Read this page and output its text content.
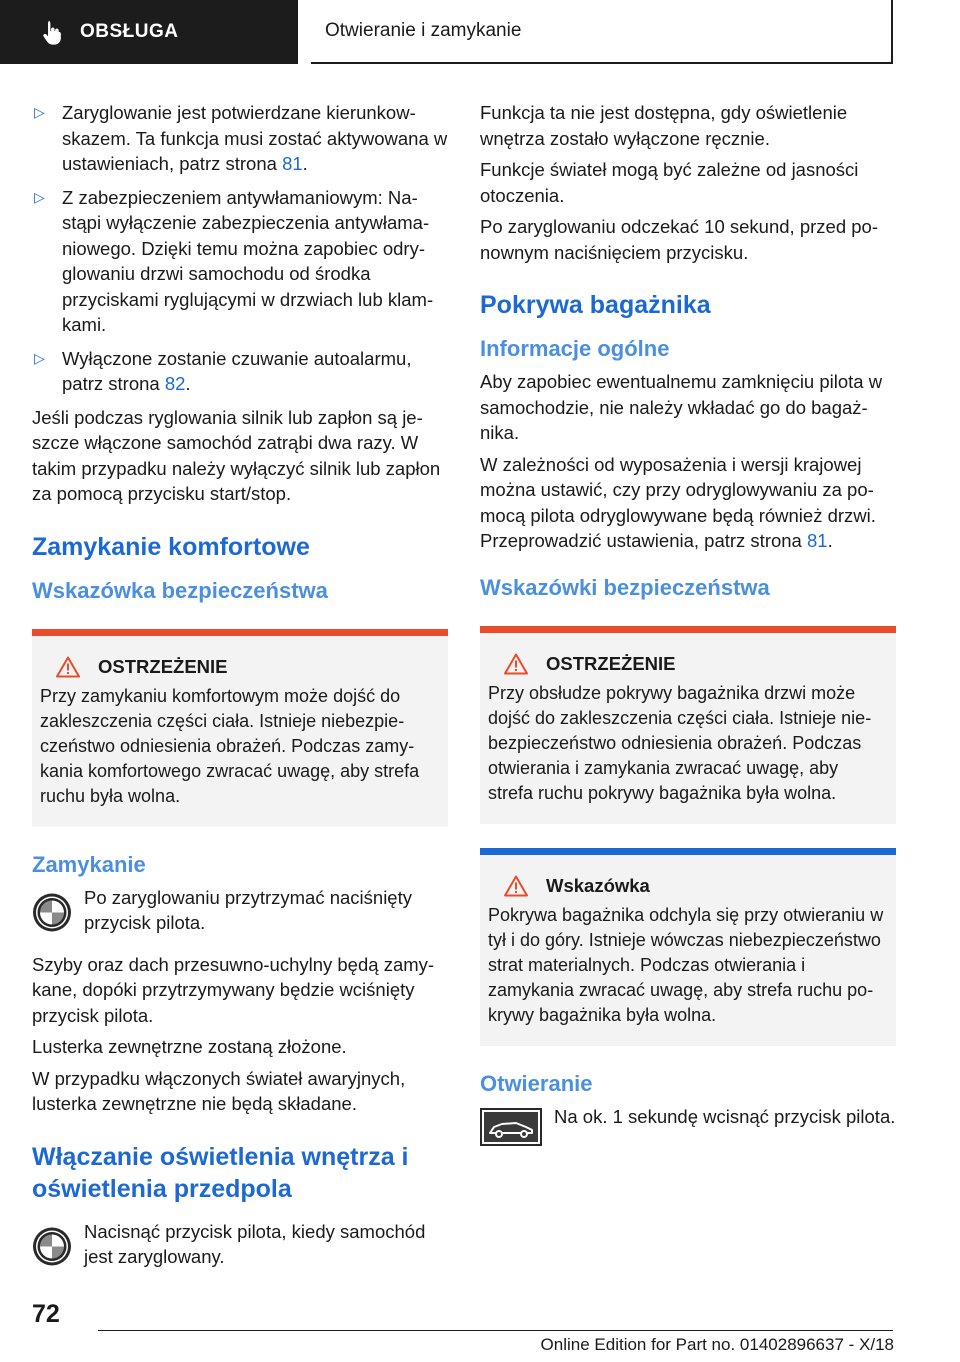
OBSŁUGA	Otwieranie i zamykanie
▷ Zaryglowanie jest potwierdzane kierunkowskazem. Ta funkcja musi zostać aktywowana w ustawieniach, patrz strona 81.
▷ Z zabezpieczeniem antywłamaniowym: Nastąpi wyłączenie zabezpieczenia antywłamaniowego. Dzięki temu można zapobiec odryglowaniu drzwi samochodu od środka przyciskami ryglującymi w drzwiach lub klamkami.
▷ Wyłączone zostanie czuwanie autoalarmu, patrz strona 82.

Jeśli podczas ryglowania silnik lub zapłon są jeszcze włączone samochód zatrąbi dwa razy. W takim przypadku należy wyłączyć silnik lub zapłon za pomocą przycisku start/stop.

Zamykanie komfortowe
Wskazówka bezpieczeństwa
OSTRZEŻENIE

Przy zamykaniu komfortowym może dojść do zakleszczenia części ciała. Istnieje niebezpieczeństwo odniesienia obrażeń. Podczas zamykania komfortowego zwracać uwagę, aby strefa ruchu była wolna.

Zamykanie

Po zaryglowaniu przytrzymać naciśnięty przycisk pilota.

Szyby oraz dach przesuwno-uchylny będą zamykane, dopóki przytrzymywany będzie wciśnięty przycisk pilota.

Lusterka zewnętrzne zostaną złożone.

W przypadku włączonych świateł awaryjnych, lusterka zewnętrzne nie będą składane.

Włączanie oświetlenia wnętrza i oświetlenia przedpola

Nacisnąć przycisk pilota, kiedy samochód jest zaryglowany.

Funkcja ta nie jest dostępna, gdy oświetlenie wnętrza zostało wyłączone ręcznie.

Funkcje świateł mogą być zależne od jasności otoczenia.

Po zaryglowaniu odczekać 10 sekund, przed ponownym naciśnięciem przycisku.

Pokrywa bagażnika
Informacje ogólne

Aby zapobiec ewentualnemu zamknięciu pilota w samochodzie, nie należy wkładać go do bagażnika.

W zależności od wyposażenia i wersji krajowej można ustawić, czy przy odryglowywaniu za pomocą pilota odryglowywane będą również drzwi. Przeprowadzić ustawienia, patrz strona 81.

Wskazówki bezpieczeństwa
OSTRZEŻENIE

Przy obsłudze pokrywy bagażnika drzwi może dojść do zakleszczenia części ciała. Istnieje niebezpieczeństwo odniesienia obrażeń. Podczas otwierania i zamykania zwracać uwagę, aby strefa ruchu pokrywy bagażnika była wolna.

Wskazówka

Pokrywa bagażnika odchyla się przy otwieraniu w tył i do góry. Istnieje wówczas niebezpieczeństwo strat materialnych. Podczas otwierania i zamykania zwracać uwagę, aby strefa ruchu pokrywy bagażnika była wolna.

Otwieranie

Na ok. 1 sekundę wcisnąć przycisk pilota.

72
Online Edition for Part no. 01402896637 - X/18
